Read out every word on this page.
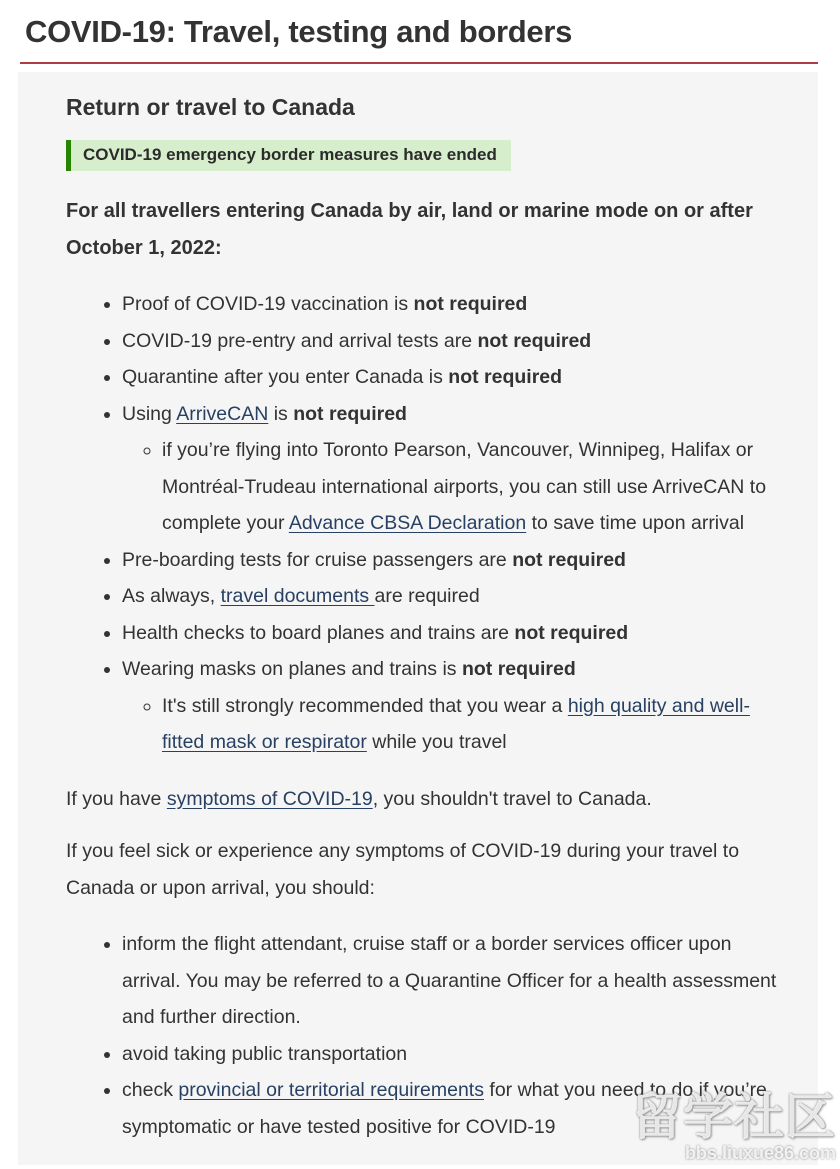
COVID-19: Travel, testing and borders
Return or travel to Canada
COVID-19 emergency border measures have ended

For all travellers entering Canada by air, land or marine mode on or after October 1, 2022:

• Proof of COVID-19 vaccination is not required
• COVID-19 pre-entry and arrival tests are not required
• Quarantine after you enter Canada is not required
• Using ArriveCAN is not required
◦ if you’re flying into Toronto Pearson, Vancouver, Winnipeg, Halifax or Montréal-Trudeau international airports, you can still use ArriveCAN to complete your Advance CBSA Declaration to save time upon arrival
• Pre-boarding tests for cruise passengers are not required
• As always, travel documents are required
• Health checks to board planes and trains are not required
• Wearing masks on planes and trains is not required
◦ It's still strongly recommended that you wear a high quality and well-fitted mask or respirator while you travel

If you have symptoms of COVID-19, you shouldn't travel to Canada.

If you feel sick or experience any symptoms of COVID-19 during your travel to Canada or upon arrival, you should:

• inform the flight attendant, cruise staff or a border services officer upon arrival. You may be referred to a Quarantine Officer for a health assessment and further direction.
• avoid taking public transportation
• check provincial or territorial requirements for what you need to do if you’re symptomatic or have tested positive for COVID-19	留学社区
bbs.liuxue86.com
